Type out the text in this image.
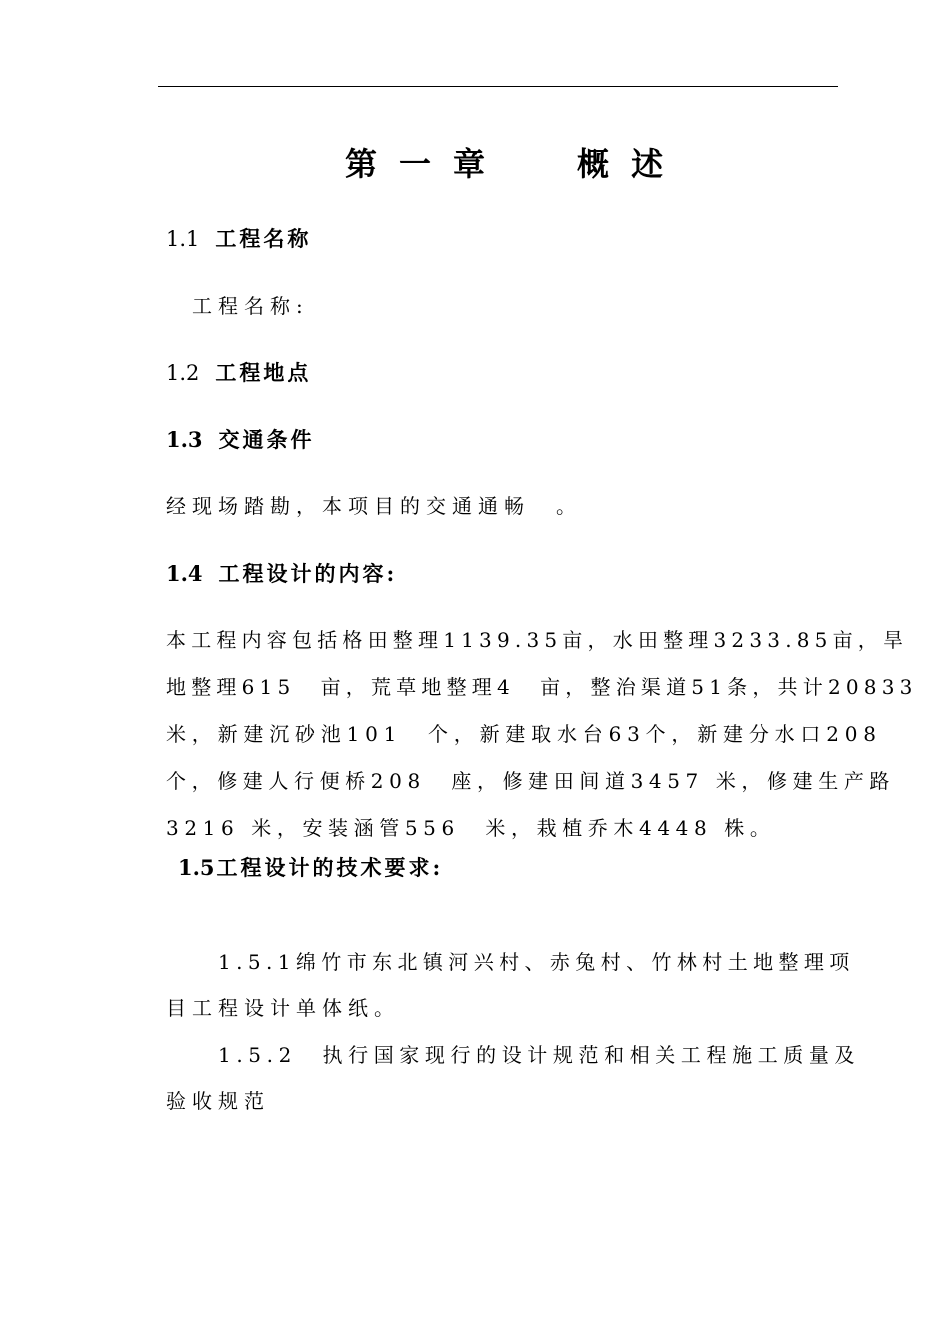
第 一 章	概 述
1.1 工程名称
工程名称:
1.2 工程地点
1.3 交通条件
经现场踏勘，本项目的交通通畅　。
1.4 工程设计的内容:
本工程内容包括格田整理1139.35亩，水田整理3233.85亩，旱
地整理615　亩，荒草地整理4　亩，整治渠道51条，共计20833
米，新建沉砂池101　个，新建取水台63个，新建分水口208
个，修建人行便桥208　座，修建田间道3457 米，修建生产路
3216 米，安装涵管556　米，栽植乔木4448 株。
1.5工程设计的技术要求:
1.5.1绵竹市东北镇河兴村、赤兔村、竹林村土地整理项
目工程设计单体纸。
1.5.2　执行国家现行的设计规范和相关工程施工质量及
验收规范
